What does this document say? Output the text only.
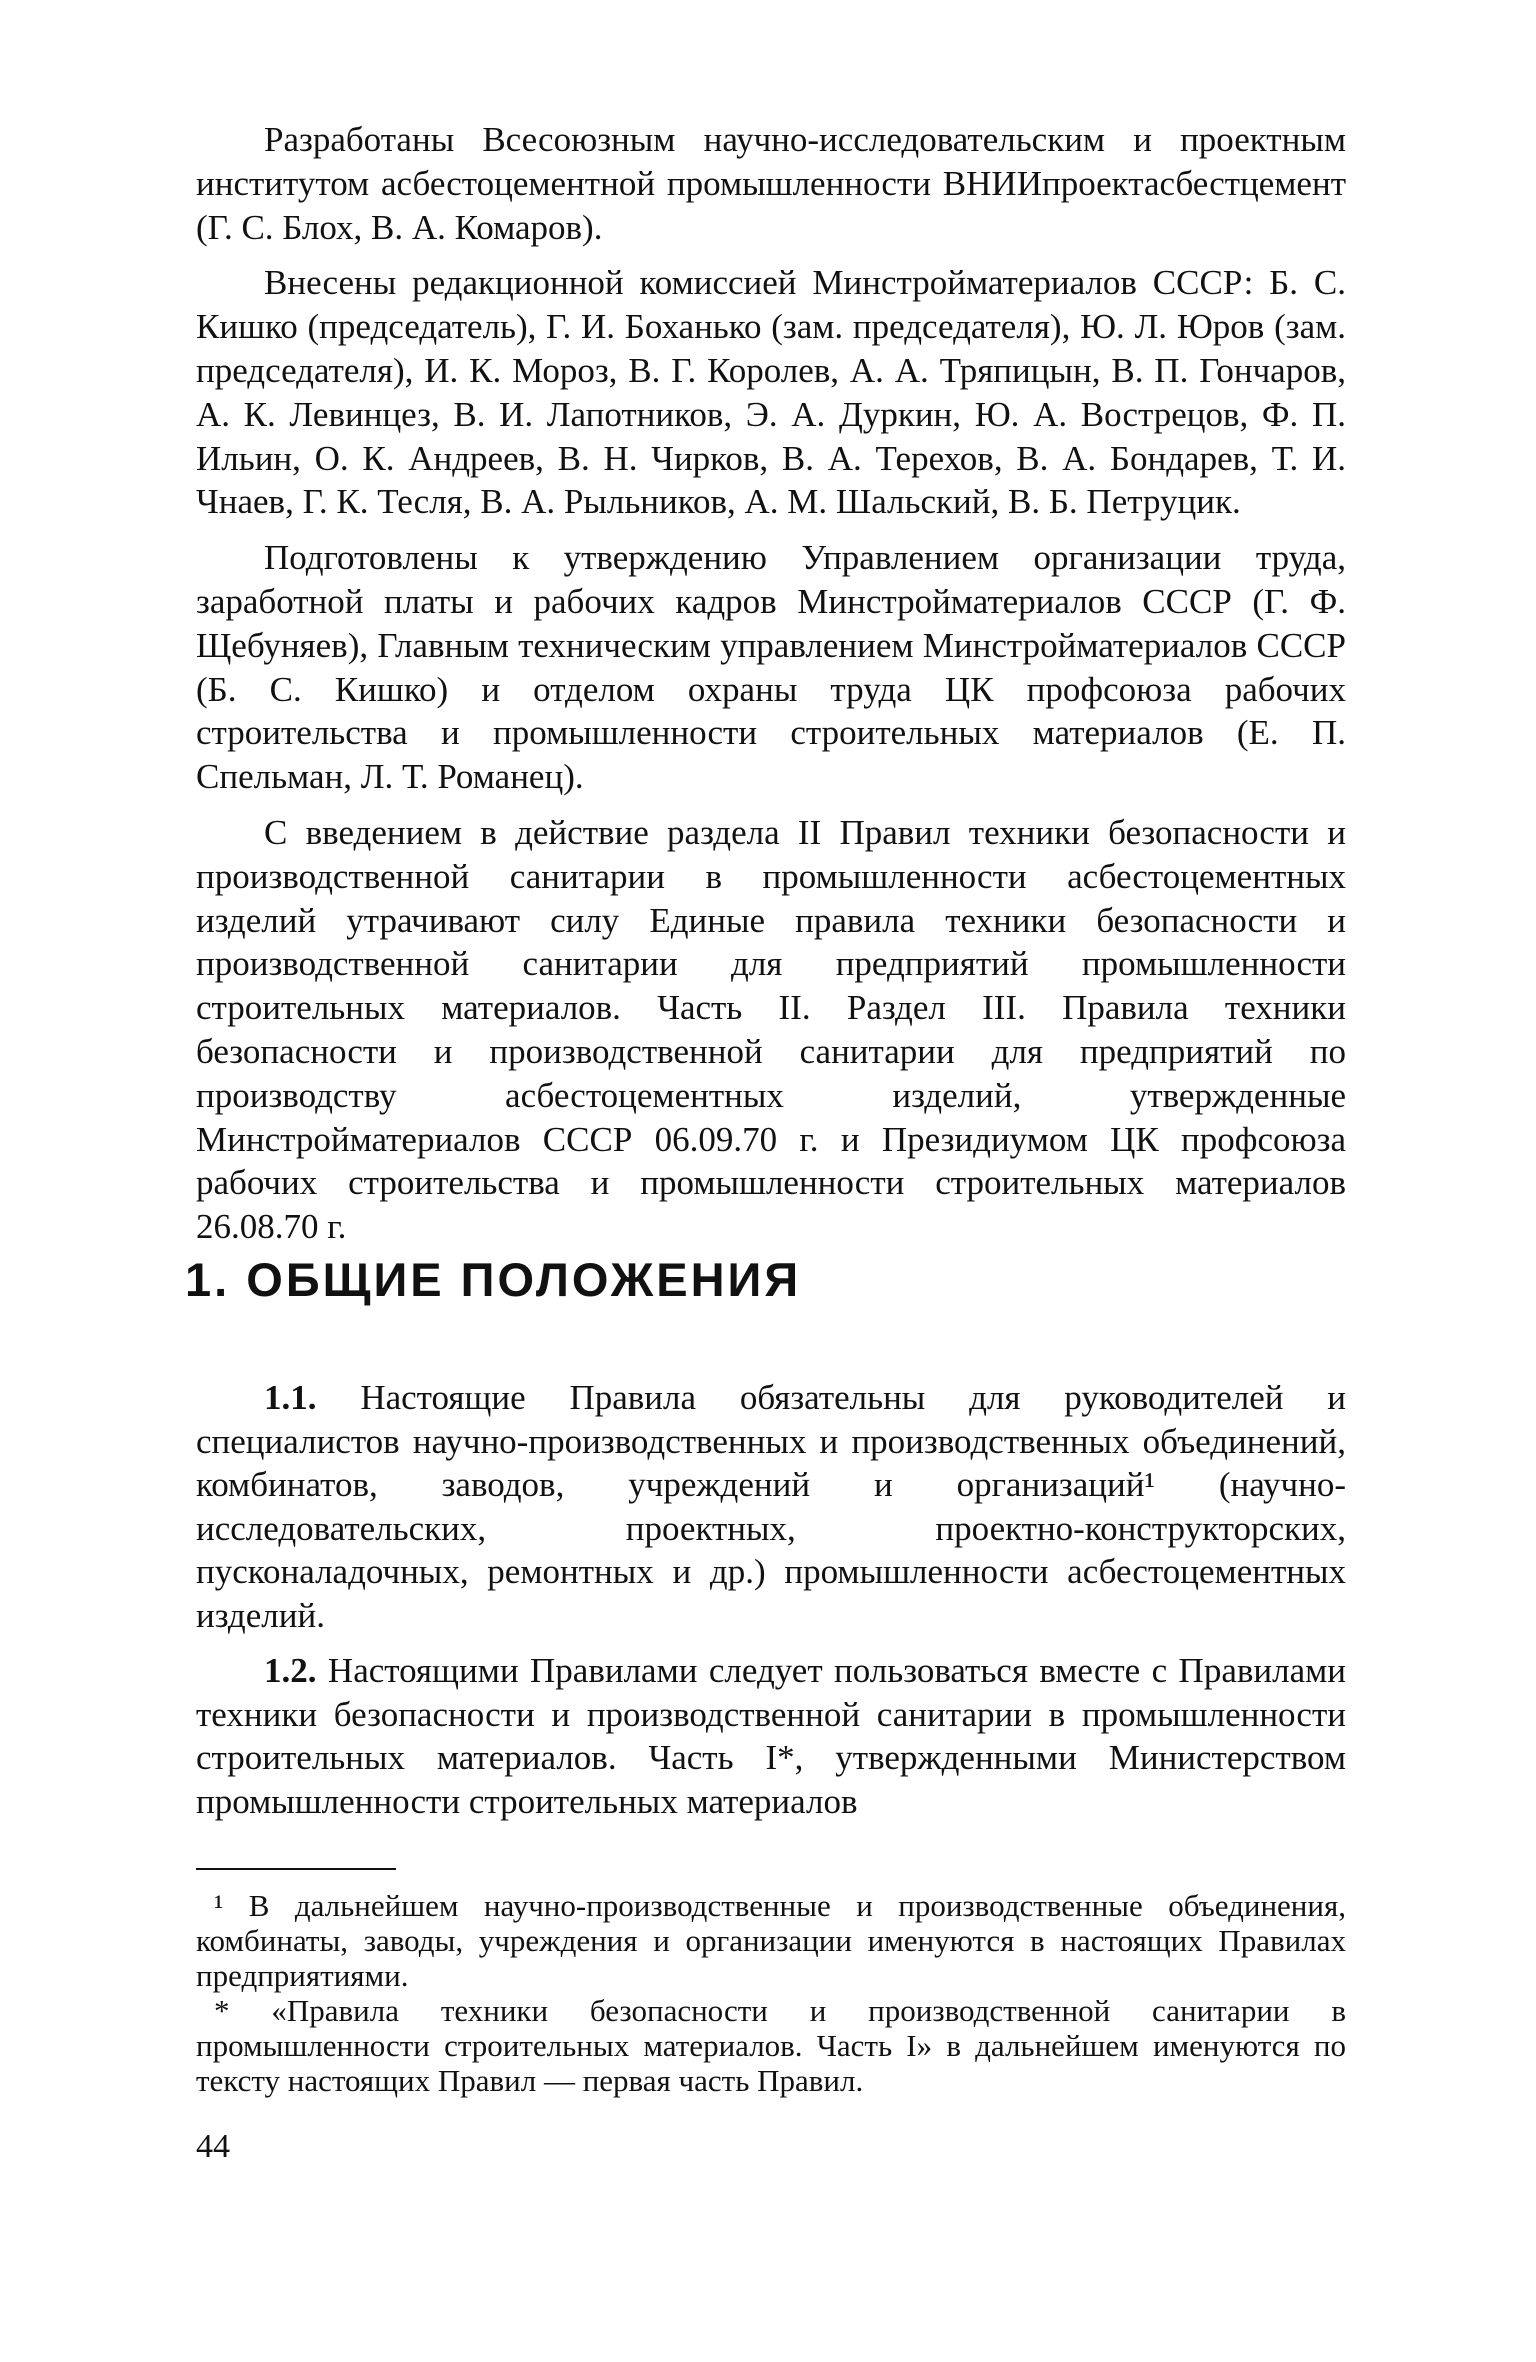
Разработаны Всесоюзным научно-исследовательским и проектным институтом асбестоцементной промышленности ВНИИпроектасбестцемент (Г. С. Блох, В. А. Комаров).

Внесены редакционной комиссией Минстройматериалов СССР: Б. С. Кишко (председатель), Г. И. Боханько (зам. председателя), Ю. Л. Юров (зам. председателя), И. К. Мороз, В. Г. Королев, А. А. Тряпицын, В. П. Гончаров, А. К. Левинцез, В. И. Лапотников, Э. А. Дуркин, Ю. А. Вострецов, Ф. П. Ильин, О. К. Андреев, В. Н. Чирков, В. А. Терехов, В. А. Бондарев, Т. И. Чнаев, Г. К. Тесля, В. А. Рыльников, А. М. Шальский, В. Б. Петруцик.

Подготовлены к утверждению Управлением организации труда, заработной платы и рабочих кадров Минстройматериалов СССР (Г. Ф. Щебуняев), Главным техническим управлением Минстройматериалов СССР (Б. С. Кишко) и отделом охраны труда ЦК профсоюза рабочих строительства и промышленности строительных материалов (Е. П. Спельман, Л. Т. Романец).

С введением в действие раздела II Правил техники безопасности и производственной санитарии в промышленности асбестоцементных изделий утрачивают силу Единые правила техники безопасности и производственной санитарии для предприятий промышленности строительных материалов. Часть II. Раздел III. Правила техники безопасности и производственной санитарии для предприятий по производству асбестоцементных изделий, утвержденные Минстройматериалов СССР 06.09.70 г. и Президиумом ЦК профсоюза рабочих строительства и промышленности строительных материалов 26.08.70 г.

1. ОБЩИЕ ПОЛОЖЕНИЯ

1.1. Настоящие Правила обязательны для руководителей и специалистов научно-производственных и производственных объединений, комбинатов, заводов, учреждений и организаций¹ (научно-исследовательских, проектных, проектно-конструкторских, пусконаладочных, ремонтных и др.) промышленности асбестоцементных изделий.

1.2. Настоящими Правилами следует пользоваться вместе с Правилами техники безопасности и производственной санитарии в промышленности строительных материалов. Часть I*, утвержденными Министерством промышленности строительных материалов

¹ В дальнейшем научно-производственные и производственные объединения, комбинаты, заводы, учреждения и организации именуются в настоящих Правилах предприятиями.

* «Правила техники безопасности и производственной санитарии в промышленности строительных материалов. Часть I» в дальнейшем именуются по тексту настоящих Правил — первая часть Правил.

44
